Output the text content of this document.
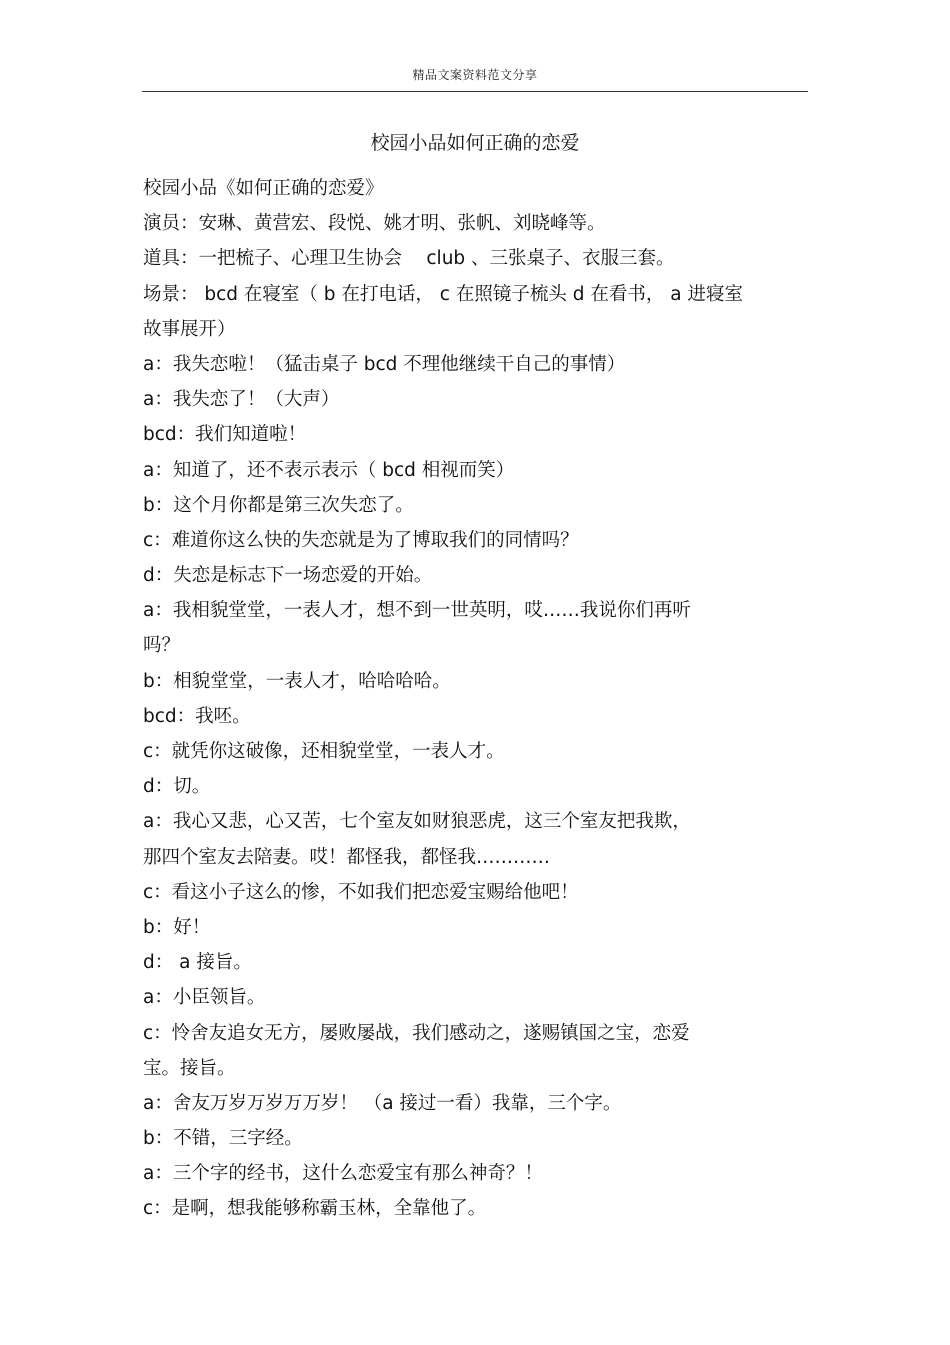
精品文案资料范文分享
校园小品如何正确的恋爱
校园小品《如何正确的恋爱》
演员：安琳、黄营宏、段悦、姚才明、张帆、刘晓峰等。
道具：一把梳子、心理卫生协会　 club 、三张桌子、衣服三套。
场景： bcd 在寝室（ b 在打电话， c 在照镜子梳头 d 在看书， a 进寝室
故事展开）
a：我失恋啦！（猛击桌子 bcd 不理他继续干自己的事情）
a：我失恋了！（大声）
bcd：我们知道啦！
a：知道了，还不表示表示（ bcd 相视而笑）
b：这个月你都是第三次失恋了。
c：难道你这么快的失恋就是为了博取我们的同情吗？
d：失恋是标志下一场恋爱的开始。
a：我相貌堂堂，一表人才，想不到一世英明，哎……我说你们再听
吗？
b：相貌堂堂，一表人才，哈哈哈哈。
bcd：我呸。
c：就凭你这破像，还相貌堂堂，一表人才。
d：切。
a：我心又悲，心又苦，七个室友如财狼恶虎，这三个室友把我欺，
那四个室友去陪妻。哎！都怪我，都怪我…………
c：看这小子这么的惨，不如我们把恋爱宝赐给他吧！
b：好！
d： a 接旨。
a：小臣领旨。
c：怜舍友追女无方，屡败屡战，我们感动之，遂赐镇国之宝，恋爱
宝。接旨。
a：舍友万岁万岁万万岁！ （a 接过一看）我靠，三个字。
b：不错，三字经。
a：三个字的经书，这什么恋爱宝有那么神奇？！
c：是啊，想我能够称霸玉林，全靠他了。
